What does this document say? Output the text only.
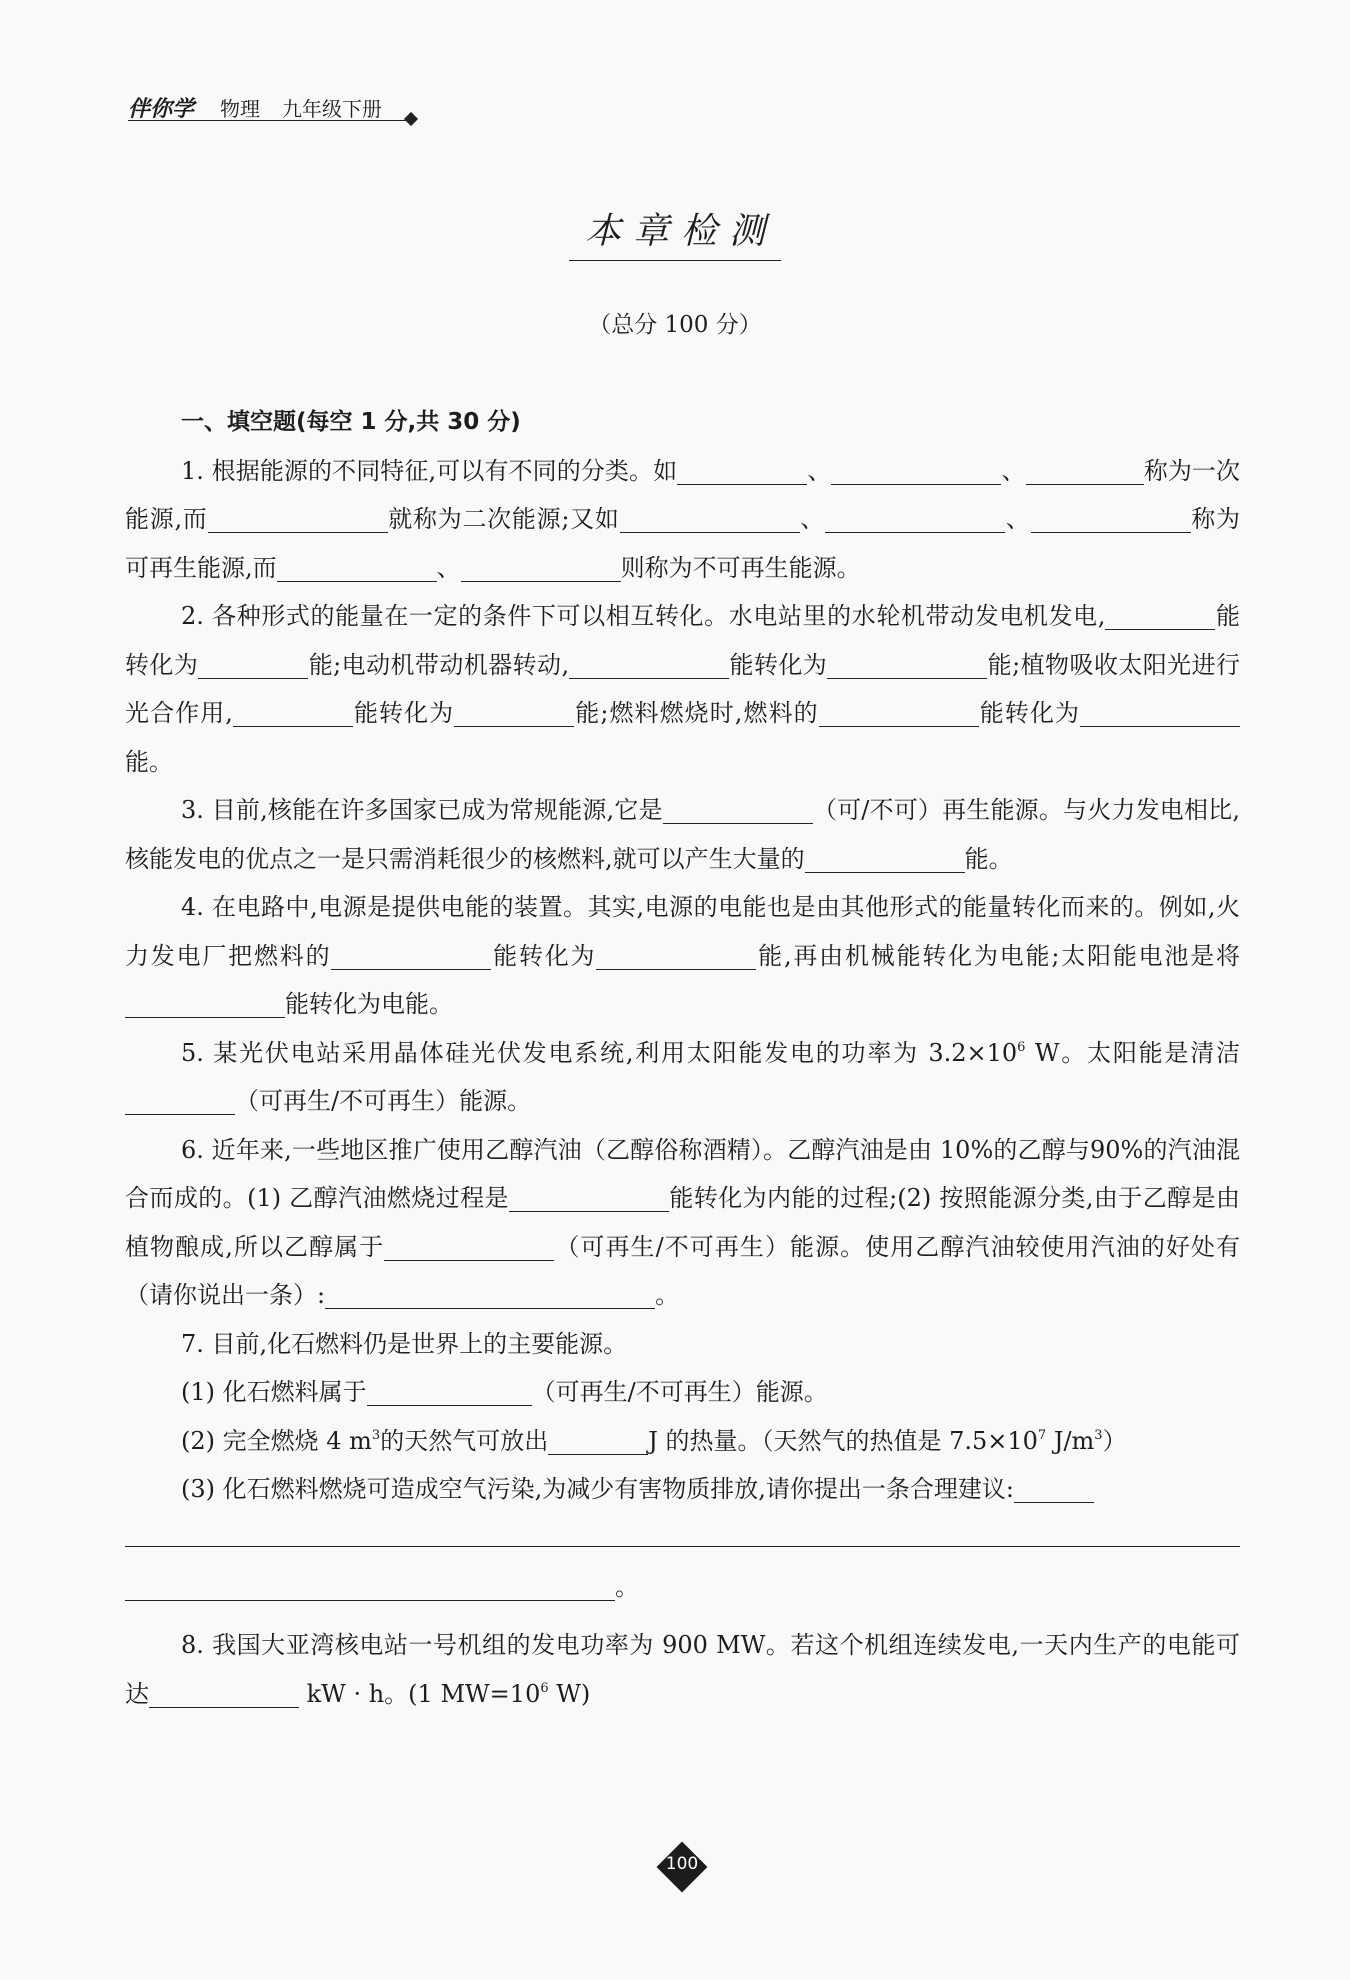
伴你学 物理 九年级下册
本章检测
（总分 100 分）

一、填空题(每空 1 分,共 30 分)

1. 根据能源的不同特征,可以有不同的分类。如	、	、	称为一次能源,而	就称为二次能源;又如	、	、	称为可再生能源,而	、	则称为不可再生能源。

2. 各种形式的能量在一定的条件下可以相互转化。水电站里的水轮机带动发电机发电,	能转化为	能;电动机带动机器转动,	能转化为	能;植物吸收太阳光进行光合作用,	能转化为	能;燃料燃烧时,燃料的	能转化为能。

3. 目前,核能在许多国家已成为常规能源,它是	（可/不可）再生能源。与火力发电相比,核能发电的优点之一是只需消耗很少的核燃料,就可以产生大量的	能。

4. 在电路中,电源是提供电能的装置。其实,电源的电能也是由其他形式的能量转化而来的。例如,火力发电厂把燃料的	能转化为	能,再由机械能转化为电能;太阳能电池是将能转化为电能。

5. 某光伏电站采用晶体硅光伏发电系统,利用太阳能发电的功率为 $3.2\times 10^6$ W。太阳能是清洁（可再生/不可再生）能源。

6. 近年来,一些地区推广使用乙醇汽油（乙醇俗称酒精）。乙醇汽油是由 10%的乙醇与90%的汽油混合而成的。(1) 乙醇汽油燃烧过程是	能转化为内能的过程;(2) 按照能源分类,由于乙醇是由植物酿成,所以乙醇属于	（可再生/不可再生）能源。使用乙醇汽油较使用汽油的好处有（请你说出一条）:	。

7. 目前,化石燃料仍是世界上的主要能源。

(1) 化石燃料属于	（可再生/不可再生）能源。

(2) 完全燃烧 4 $m^3$的天然气可放出	J 的热量。（天然气的热值是 $7.5\times 10^7$ $J/m^3$）

(3) 化石燃料燃烧可造成空气污染,为减少有害物质排放,请你提出一条合理建议:

。

8. 我国大亚湾核电站一号机组的发电功率为 900 MW。若这个机组连续发电,一天内生产的电能可达	kW · h。(1 $MW=10^6$ W)

100
